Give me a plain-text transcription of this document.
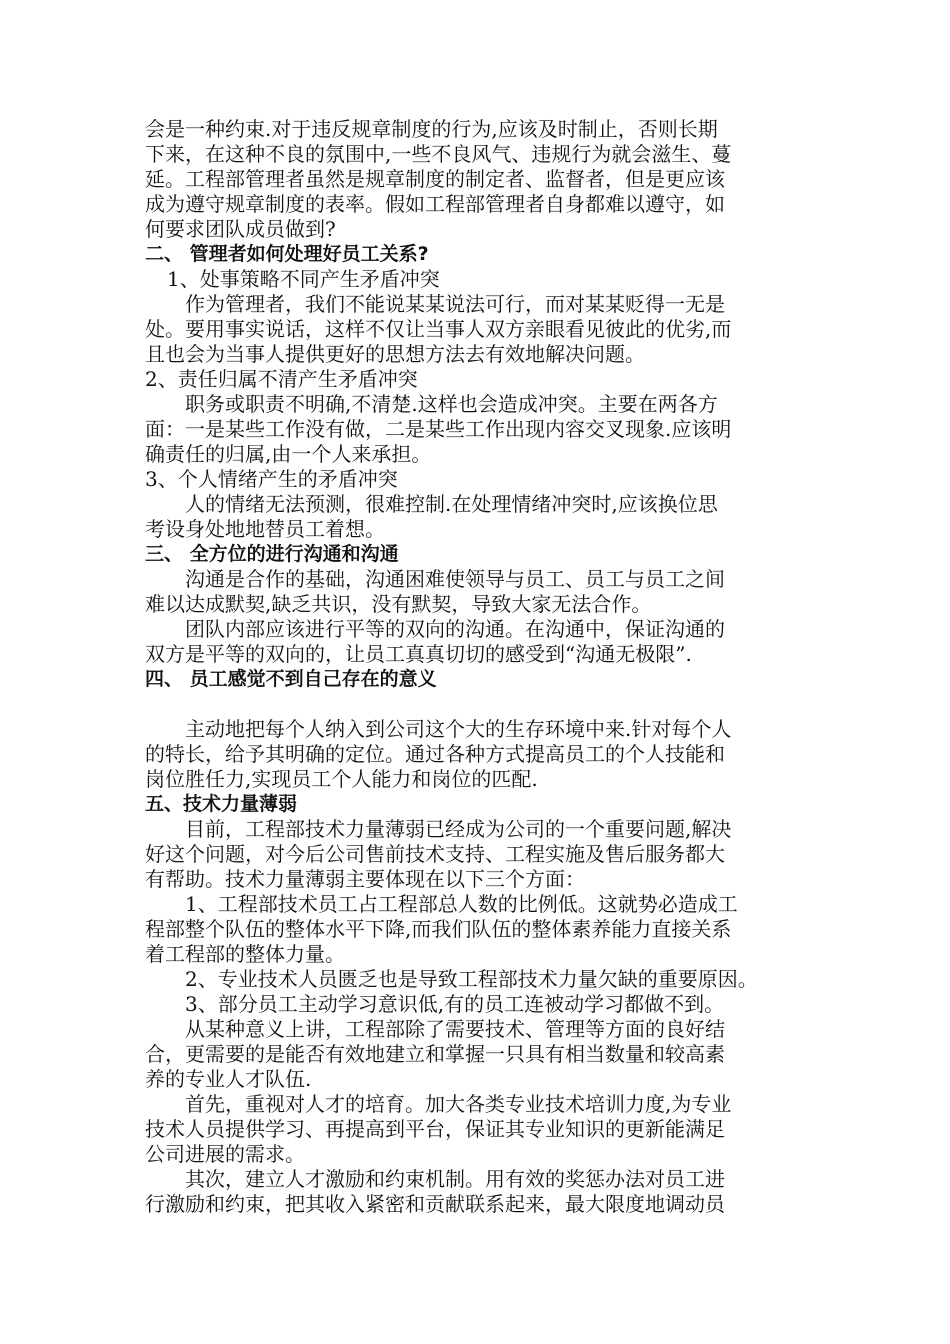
会是一种约束.对于违反规章制度的行为,应该及时制止，否则长期
下来，在这种不良的氛围中,一些不良风气、违规行为就会滋生、蔓
延。工程部管理者虽然是规章制度的制定者、监督者，但是更应该
成为遵守规章制度的表率。假如工程部管理者自身都难以遵守，如
何要求团队成员做到?
二、 管理者如何处理好员工关系?
1、处事策略不同产生矛盾冲突
作为管理者，我们不能说某某说法可行，而对某某贬得一无是
处。要用事实说话，这样不仅让当事人双方亲眼看见彼此的优劣,而
且也会为当事人提供更好的思想方法去有效地解决问题。
2、责任归属不清产生矛盾冲突
职务或职责不明确,不清楚.这样也会造成冲突。主要在两各方
面：一是某些工作没有做，二是某些工作出现内容交叉现象.应该明
确责任的归属,由一个人来承担。
3、个人情绪产生的矛盾冲突
人的情绪无法预测，很难控制.在处理情绪冲突时,应该换位思
考设身处地地替员工着想。
三、 全方位的进行沟通和沟通
沟通是合作的基础，沟通困难使领导与员工、员工与员工之间
难以达成默契,缺乏共识，没有默契，导致大家无法合作。
团队内部应该进行平等的双向的沟通。在沟通中，保证沟通的
双方是平等的双向的，让员工真真切切的感受到“沟通无极限”.
四、 员工感觉不到自己存在的意义
主动地把每个人纳入到公司这个大的生存环境中来.针对每个人
的特长，给予其明确的定位。通过各种方式提高员工的个人技能和
岗位胜任力,实现员工个人能力和岗位的匹配.
五、技术力量薄弱
目前，工程部技术力量薄弱已经成为公司的一个重要问题,解决
好这个问题，对今后公司售前技术支持、工程实施及售后服务都大
有帮助。技术力量薄弱主要体现在以下三个方面：
1、工程部技术员工占工程部总人数的比例低。这就势必造成工
程部整个队伍的整体水平下降,而我们队伍的整体素养能力直接关系
着工程部的整体力量。
2、专业技术人员匮乏也是导致工程部技术力量欠缺的重要原因。
3、部分员工主动学习意识低,有的员工连被动学习都做不到。
从某种意义上讲，工程部除了需要技术、管理等方面的良好结
合，更需要的是能否有效地建立和掌握一只具有相当数量和较高素
养的专业人才队伍.
首先，重视对人才的培育。加大各类专业技术培训力度,为专业
技术人员提供学习、再提高到平台，保证其专业知识的更新能满足
公司进展的需求。
其次，建立人才激励和约束机制。用有效的奖惩办法对员工进
行激励和约束，把其收入紧密和贡献联系起来，最大限度地调动员
